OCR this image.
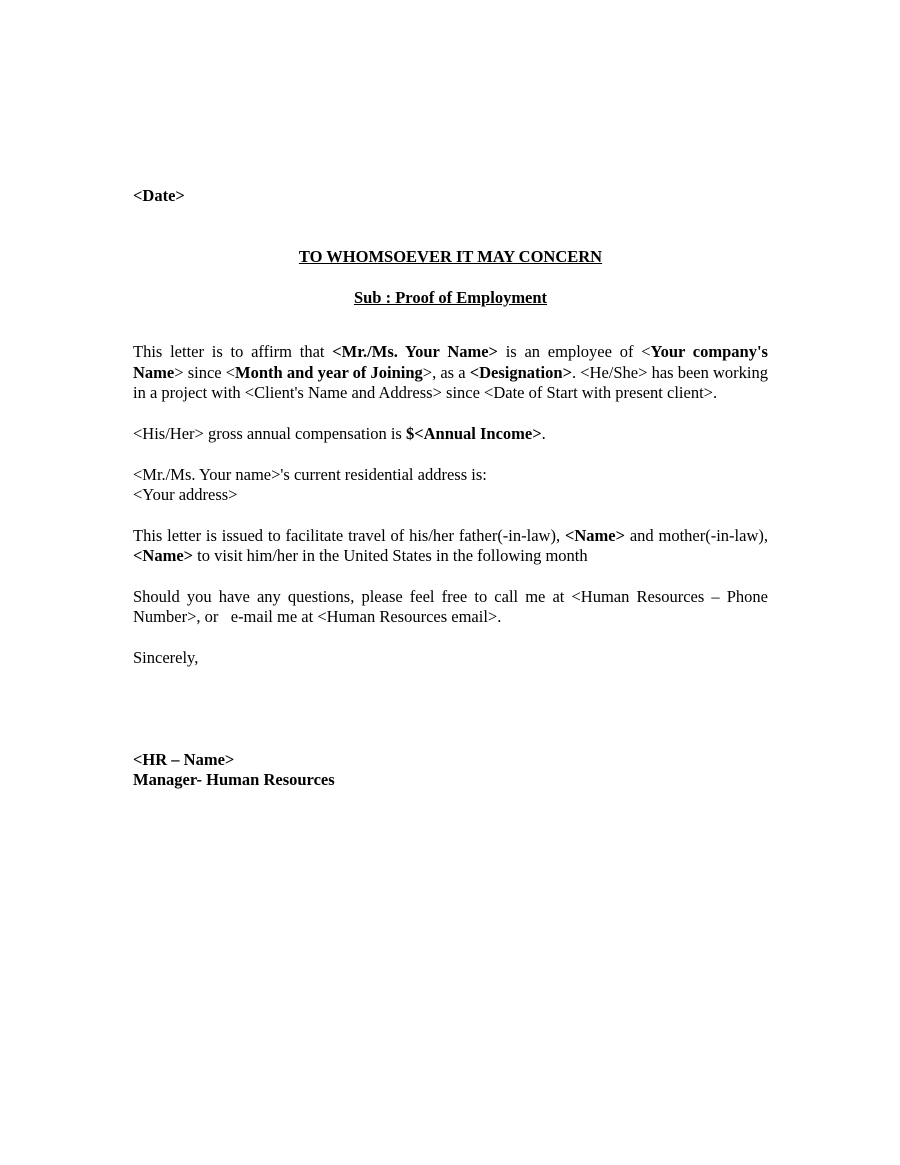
<Date>
TO WHOMSOEVER IT MAY CONCERN
Sub : Proof of Employment

This letter is to affirm that <Mr./Ms. Your Name> is an employee of <Your company's Name> since <Month and year of Joining>, as a <Designation>. <He/She> has been working in a project with <Client's Name and Address> since <Date of Start with present client>.

<His/Her> gross annual compensation is $<Annual Income>.

<Mr./Ms. Your name>'s current residential address is:
<Your address>

This letter is issued to facilitate travel of his/her father(-in-law), <Name> and mother(-in-law), <Name> to visit him/her in the United States in the following month

Should you have any questions, please feel free to call me at <Human Resources – Phone Number>, or   e-mail me at <Human Resources email>.

Sincerely,

<HR – Name>
Manager- Human Resources
